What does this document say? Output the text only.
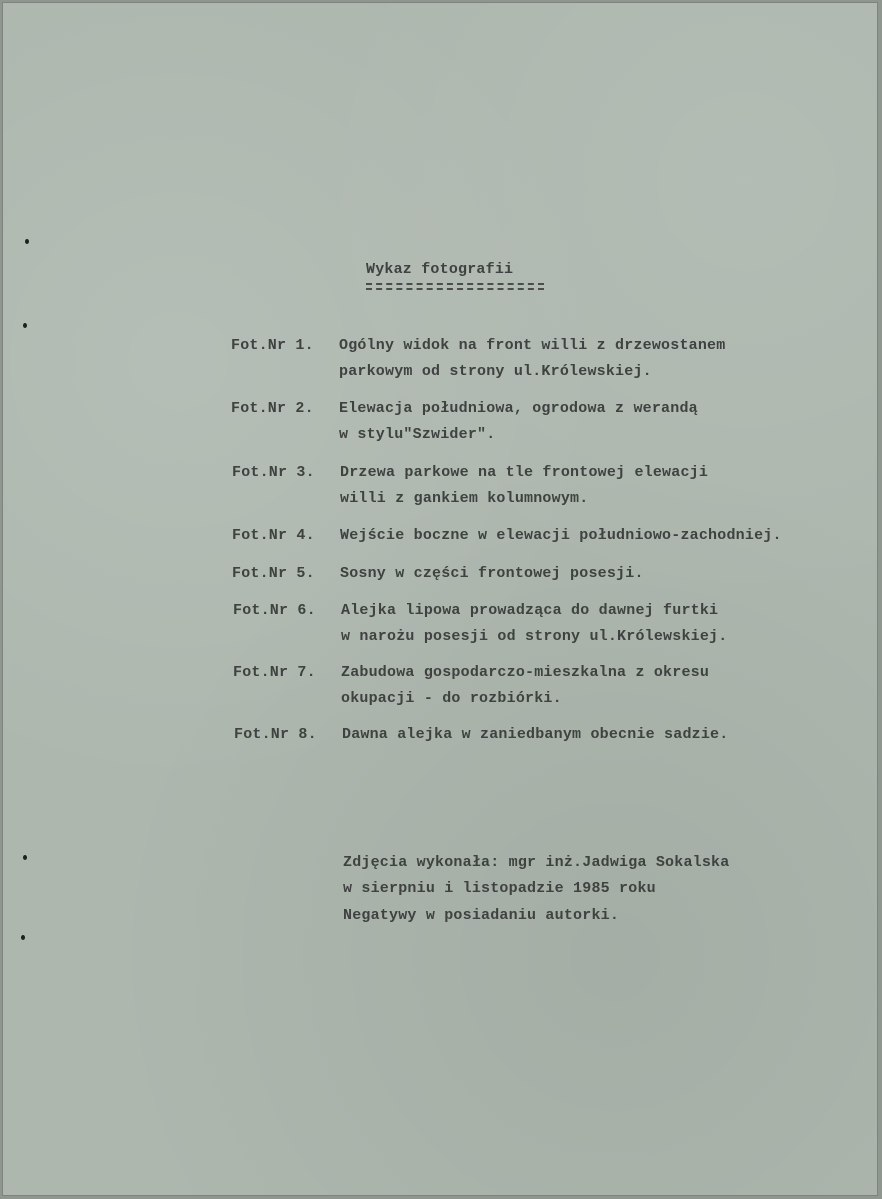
Wykaz fotografii
Fot.Nr 1. Ogólny widok na front willi z drzewostanem
parkowym od strony ul.Królewskiej.
Fot.Nr 2. Elewacja południowa, ogrodowa z werandą
w stylu"Szwider".
Fot.Nr 3. Drzewa parkowe na tle frontowej elewacji
willi z gankiem kolumnowym.
Fot.Nr 4. Wejście boczne w elewacji południowo-zachodniej.
Fot.Nr 5. Sosny w części frontowej posesji.
Fot.Nr 6. Alejka lipowa prowadząca do dawnej furtki
w narożu posesji od strony ul.Królewskiej.
Fot.Nr 7. Zabudowa gospodarczo-mieszkalna z okresu
okupacji - do rozbiórki.
Fot.Nr 8. Dawna alejka w zaniedbanym obecnie sadzie.
Zdjęcia wykonała: mgr inż.Jadwiga Sokalska
w sierpniu i listopadzie 1985 roku
Negatywy w posiadaniu autorki.
